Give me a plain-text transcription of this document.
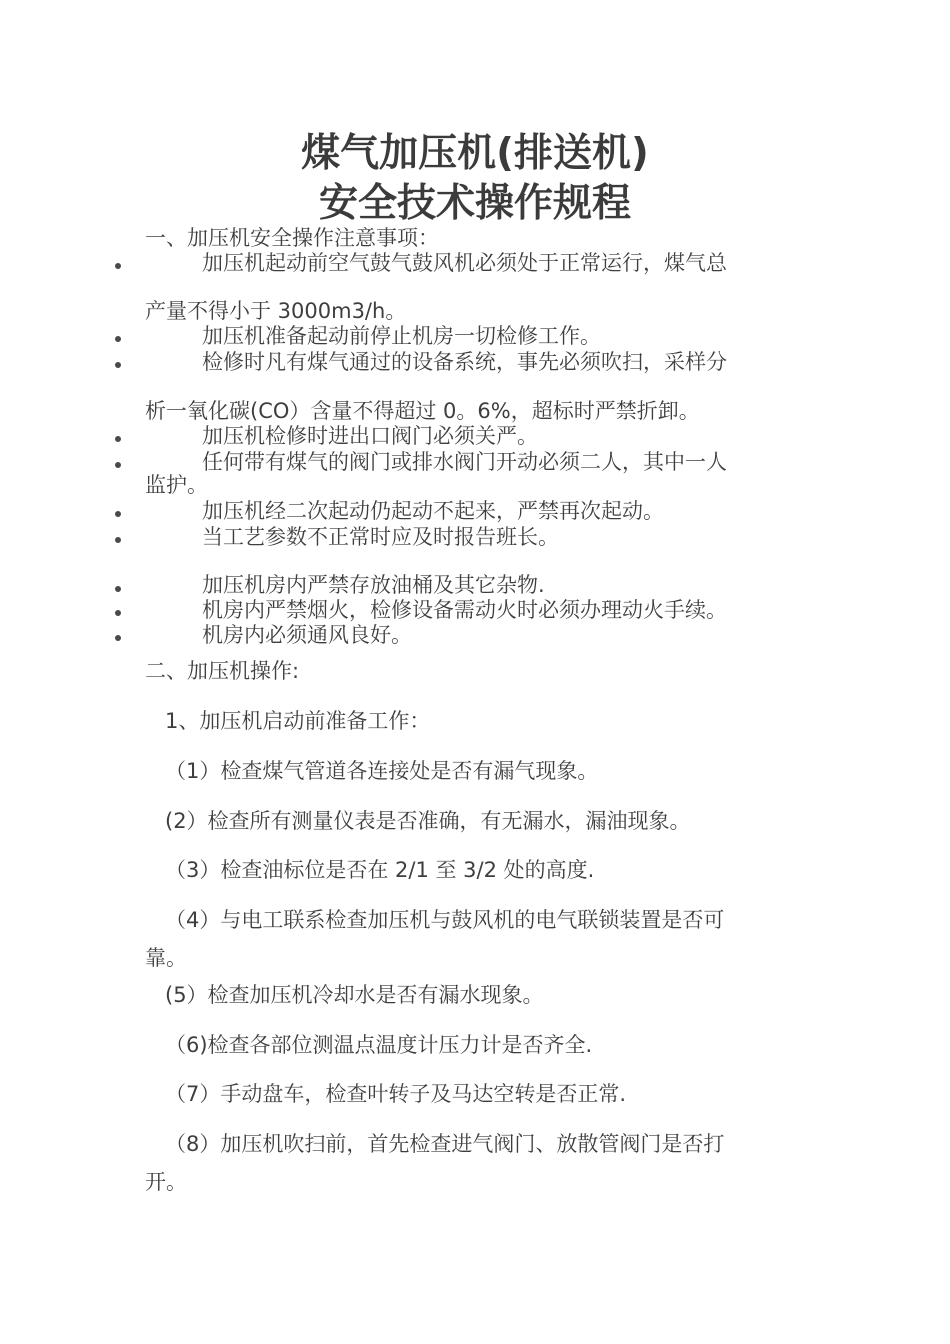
煤气加压机(排送机)
安全技术操作规程
一、加压机安全操作注意事项：
加压机起动前空气鼓气鼓风机必须处于正常运行，煤气总
产量不得小于 3000m3/h。
加压机准备起动前停止机房一切检修工作。
检修时凡有煤气通过的设备系统，事先必须吹扫，采样分
析一氧化碳(CO）含量不得超过 0。6%，超标时严禁折卸。
加压机检修时进出口阀门必须关严。
任何带有煤气的阀门或排水阀门开动必须二人，其中一人
监护。
加压机经二次起动仍起动不起来，严禁再次起动。
当工艺参数不正常时应及时报告班长。
加压机房内严禁存放油桶及其它杂物.
机房内严禁烟火，检修设备需动火时必须办理动火手续。
机房内必须通风良好。
二、加压机操作:
1、加压机启动前准备工作：
（1）检查煤气管道各连接处是否有漏气现象。
(2）检查所有测量仪表是否准确，有无漏水，漏油现象。
（3）检查油标位是否在 2/1 至 3/2 处的高度.
（4）与电工联系检查加压机与鼓风机的电气联锁装置是否可
靠。
(5）检查加压机冷却水是否有漏水现象。
（6)检查各部位测温点温度计压力计是否齐全.
（7）手动盘车，检查叶转子及马达空转是否正常.
（8）加压机吹扫前，首先检查进气阀门、放散管阀门是否打
开。
